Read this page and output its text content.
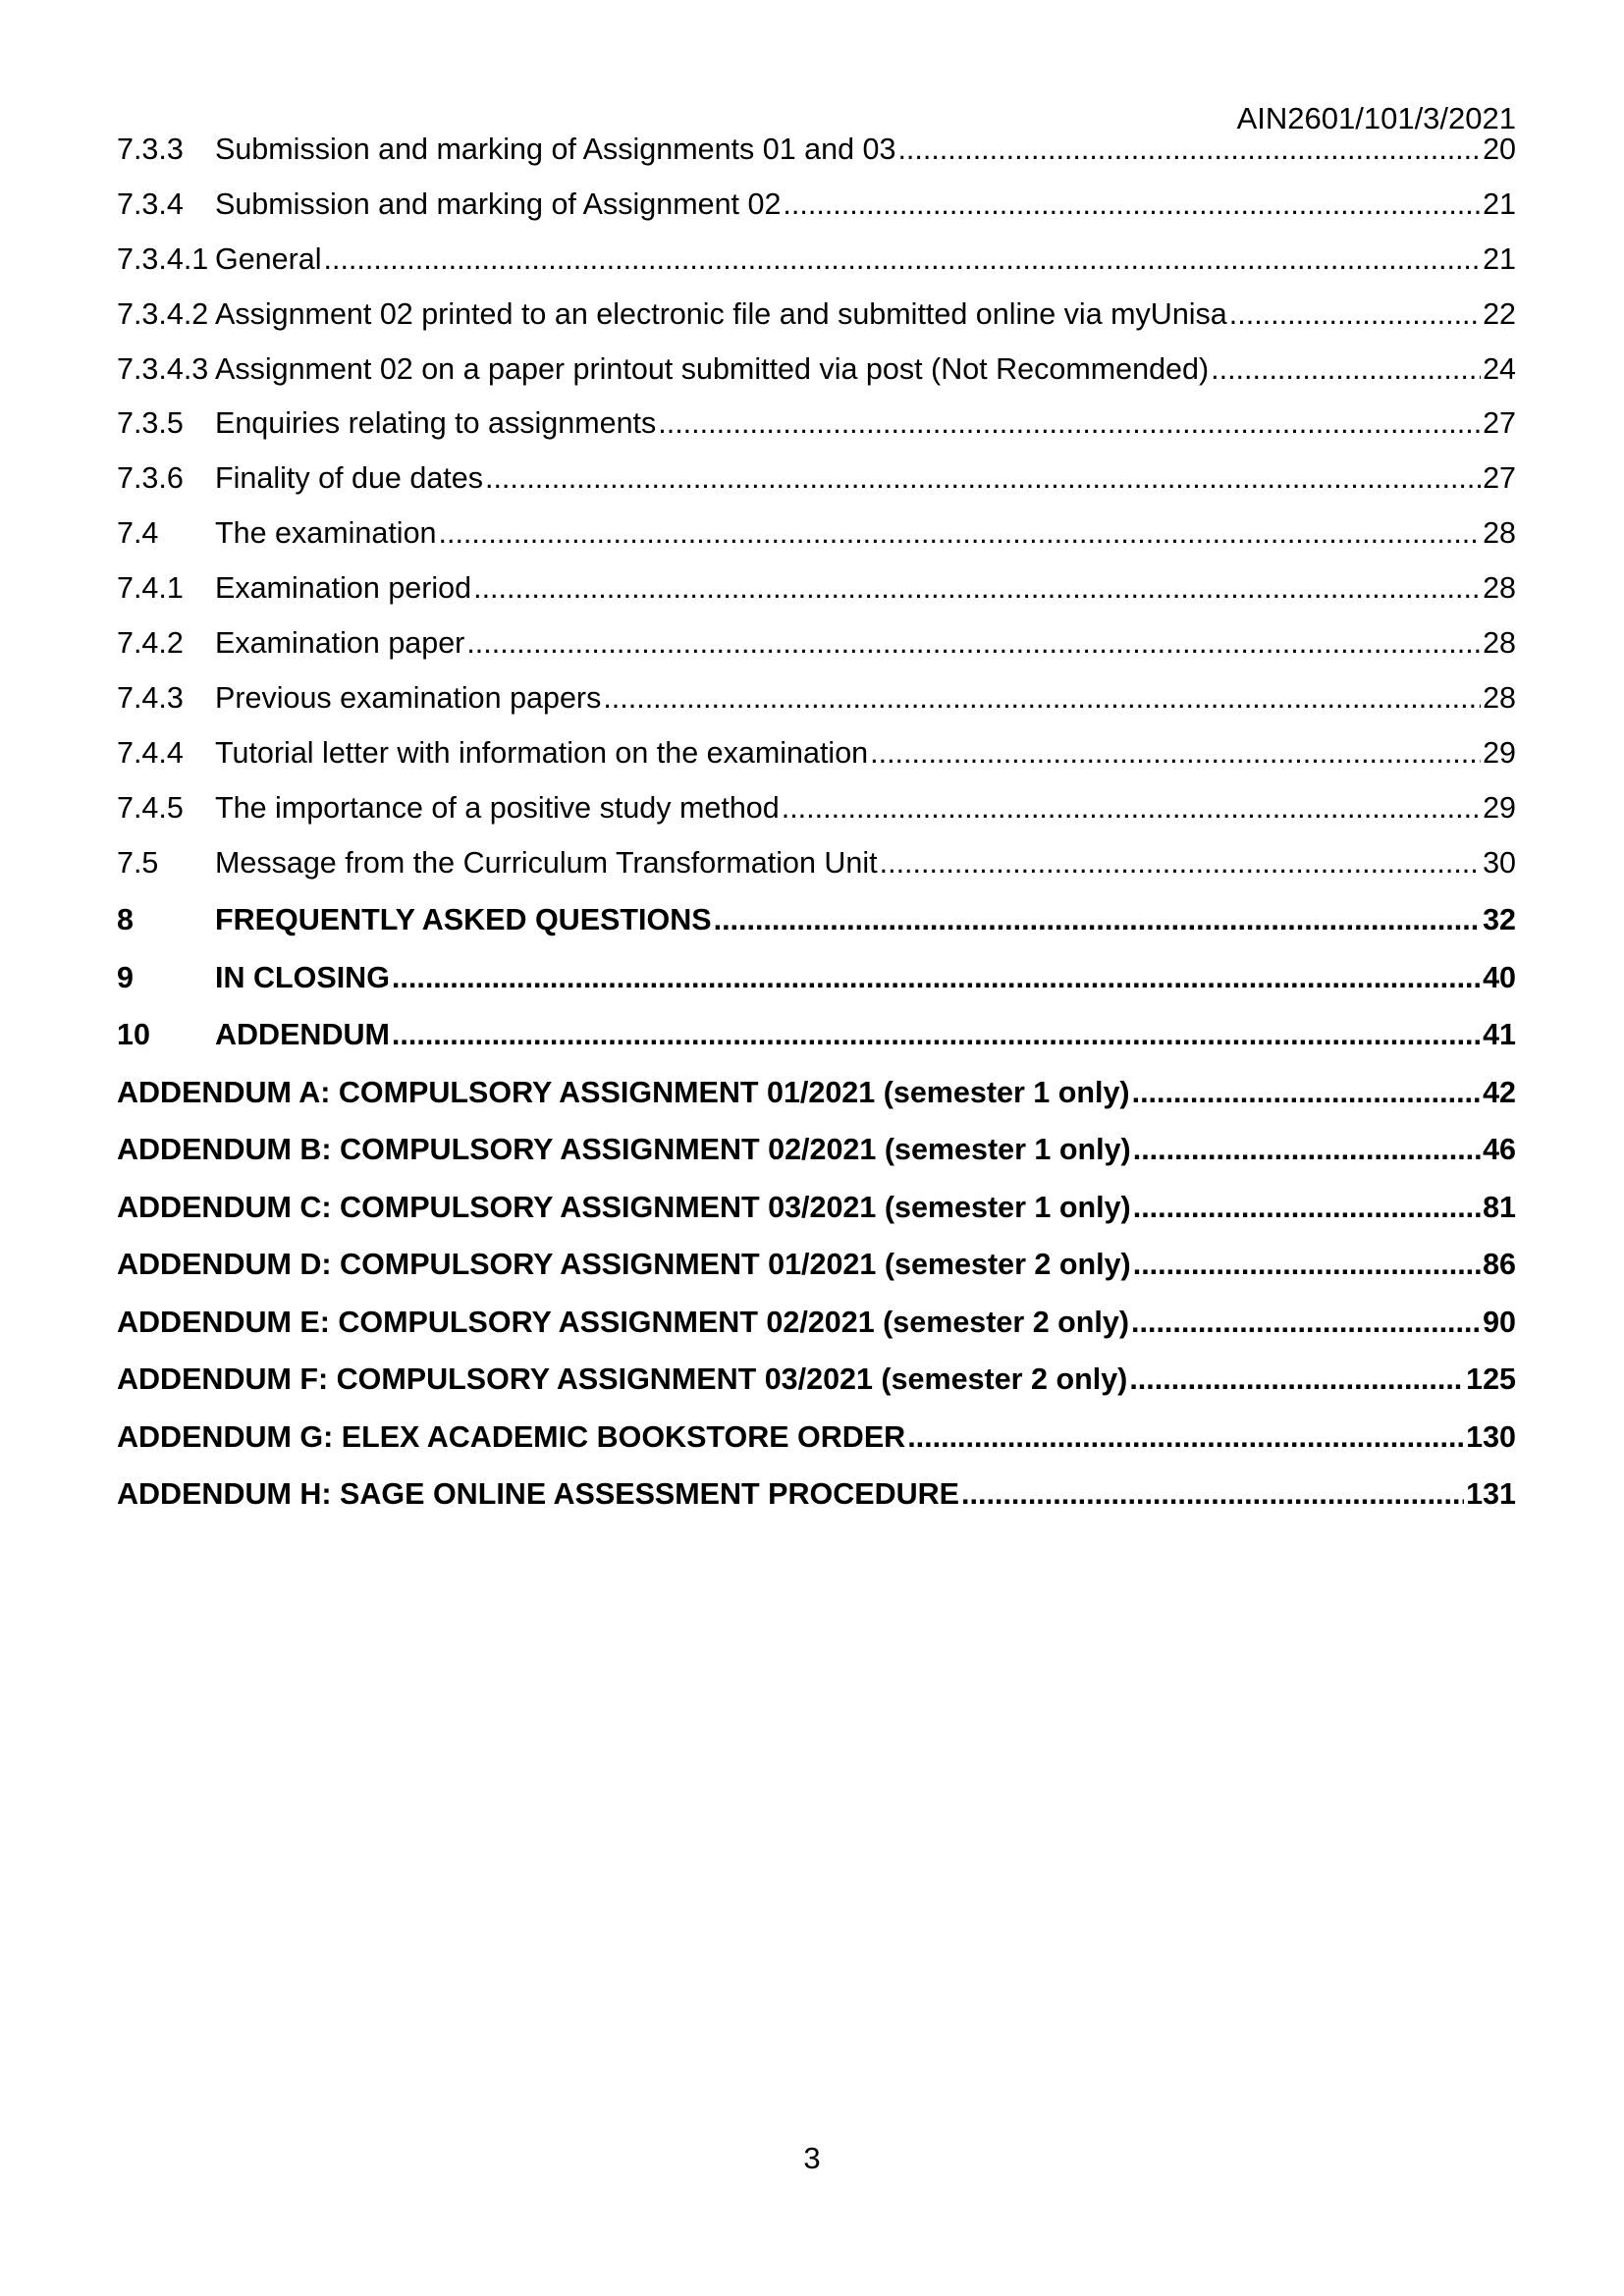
AIN2601/101/3/2021
7.3.3	Submission and marking of Assignments 01 and 03 .....	20
7.3.4	Submission and marking of Assignment 02 .....	21
7.3.4.1 General .....	21
7.3.4.2 Assignment 02 printed to an electronic file and submitted online via myUnisa .....	22
7.3.4.3 Assignment 02 on a paper printout submitted via post (Not Recommended) .....	24
7.3.5	Enquiries relating to assignments .....	27
7.3.6	Finality of due dates .....	27
7.4	The examination .....	28
7.4.1	Examination period .....	28
7.4.2	Examination paper .....	28
7.4.3	Previous examination papers .....	28
7.4.4	Tutorial letter with information on the examination .....	29
7.4.5	The importance of a positive study method .....	29
7.5	Message from the Curriculum Transformation Unit .....	30
8	FREQUENTLY ASKED QUESTIONS .....	32
9	IN CLOSING .....	40
10	ADDENDUM .....	41
ADDENDUM A: COMPULSORY ASSIGNMENT 01/2021 (semester 1 only) .....	42
ADDENDUM B: COMPULSORY ASSIGNMENT 02/2021 (semester 1 only) .....	46
ADDENDUM C: COMPULSORY ASSIGNMENT 03/2021 (semester 1 only) .....	81
ADDENDUM D: COMPULSORY ASSIGNMENT 01/2021 (semester 2 only) .....	86
ADDENDUM E: COMPULSORY ASSIGNMENT 02/2021 (semester 2 only) .....	90
ADDENDUM F: COMPULSORY ASSIGNMENT 03/2021 (semester 2 only) .....	125
ADDENDUM G: ELEX ACADEMIC BOOKSTORE ORDER .....	130
ADDENDUM H: SAGE ONLINE ASSESSMENT PROCEDURE .....	131
3
